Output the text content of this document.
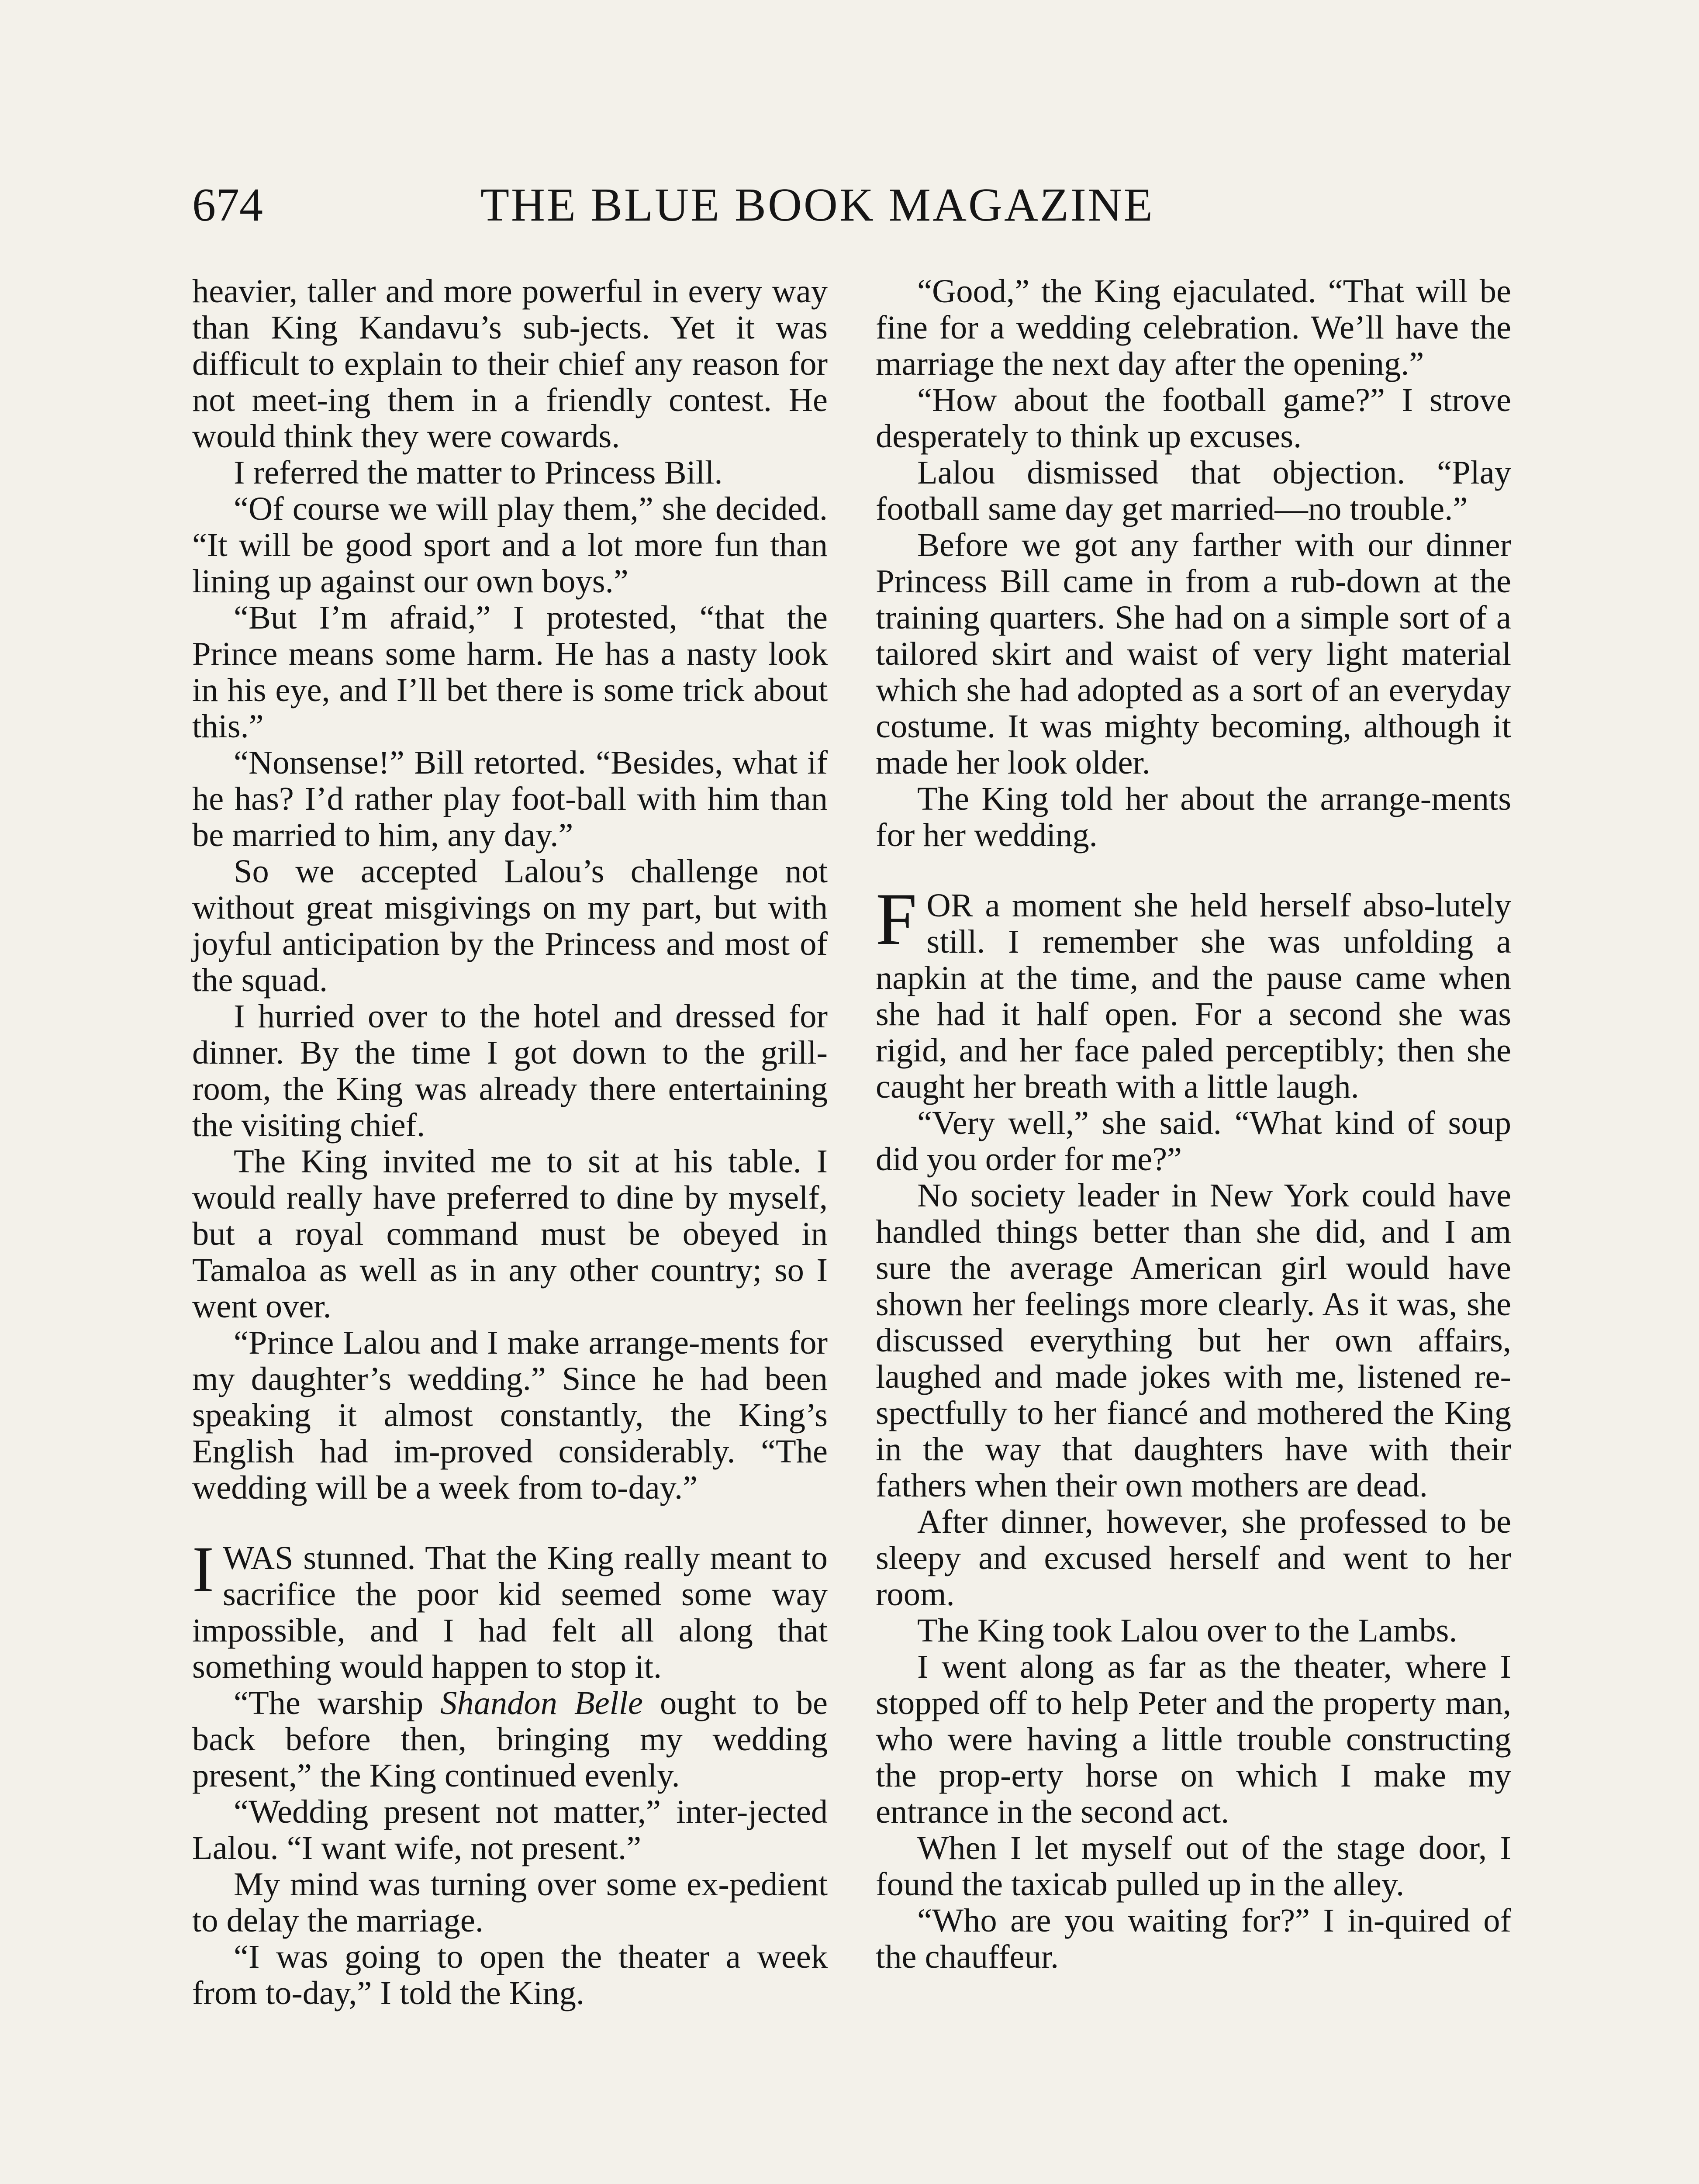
674	THE BLUE BOOK MAGAZINE

heavier, taller and more powerful in every way than King Kandavu’s sub-jects. Yet it was difficult to explain to their chief any reason for not meet-ing them in a friendly contest. He would think they were cowards.

I referred the matter to Princess Bill.

“Of course we will play them,” she decided. “It will be good sport and a lot more fun than lining up against our own boys.”

“But I’m afraid,” I protested, “that the Prince means some harm. He has a nasty look in his eye, and I’ll bet there is some trick about this.”

“Nonsense!” Bill retorted. “Besides, what if he has? I’d rather play foot-ball with him than be married to him, any day.”

So we accepted Lalou’s challenge not without great misgivings on my part, but with joyful anticipation by the Princess and most of the squad.

I hurried over to the hotel and dressed for dinner. By the time I got down to the grill-room, the King was already there entertaining the visiting chief.

The King invited me to sit at his table. I would really have preferred to dine by myself, but a royal command must be obeyed in Tamaloa as well as in any other country; so I went over.

“Prince Lalou and I make arrange-ments for my daughter’s wedding.” Since he had been speaking it almost constantly, the King’s English had im-proved considerably. “The wedding will be a week from to-day.”

IWAS stunned. That the King really meant to sacrifice the poor kid seemed some way impossible, and I had felt all along that something would happen to stop it.

“The warship Shandon Belle ought to be back before then, bringing my wedding present,” the King continued evenly.

“Wedding present not matter,” inter-jected Lalou. “I want wife, not present.”

My mind was turning over some ex-pedient to delay the marriage.

“I was going to open the theater a week from to-day,” I told the King.

“Good,” the King ejaculated. “That will be fine for a wedding celebration. We’ll have the marriage the next day after the opening.”

“How about the football game?” I strove desperately to think up excuses.

Lalou dismissed that objection. “Play football same day get married—no trouble.”

Before we got any farther with our dinner Princess Bill came in from a rub-down at the training quarters. She had on a simple sort of a tailored skirt and waist of very light material which she had adopted as a sort of an everyday costume. It was mighty becoming, although it made her look older.

The King told her about the arrange-ments for her wedding.

FOR a moment she held herself abso-lutely still. I remember she was unfolding a napkin at the time, and the pause came when she had it half open. For a second she was rigid, and her face paled perceptibly; then she caught her breath with a little laugh.

“Very well,” she said. “What kind of soup did you order for me?”

No society leader in New York could have handled things better than she did, and I am sure the average American girl would have shown her feelings more clearly. As it was, she discussed everything but her own affairs, laughed and made jokes with me, listened re-spectfully to her fiancé and mothered the King in the way that daughters have with their fathers when their own mothers are dead.

After dinner, however, she professed to be sleepy and excused herself and went to her room.

The King took Lalou over to the Lambs.

I went along as far as the theater, where I stopped off to help Peter and the property man, who were having a little trouble constructing the prop-erty horse on which I make my entrance in the second act.

When I let myself out of the stage door, I found the taxicab pulled up in the alley.

“Who are you waiting for?” I in-quired of the chauffeur.
